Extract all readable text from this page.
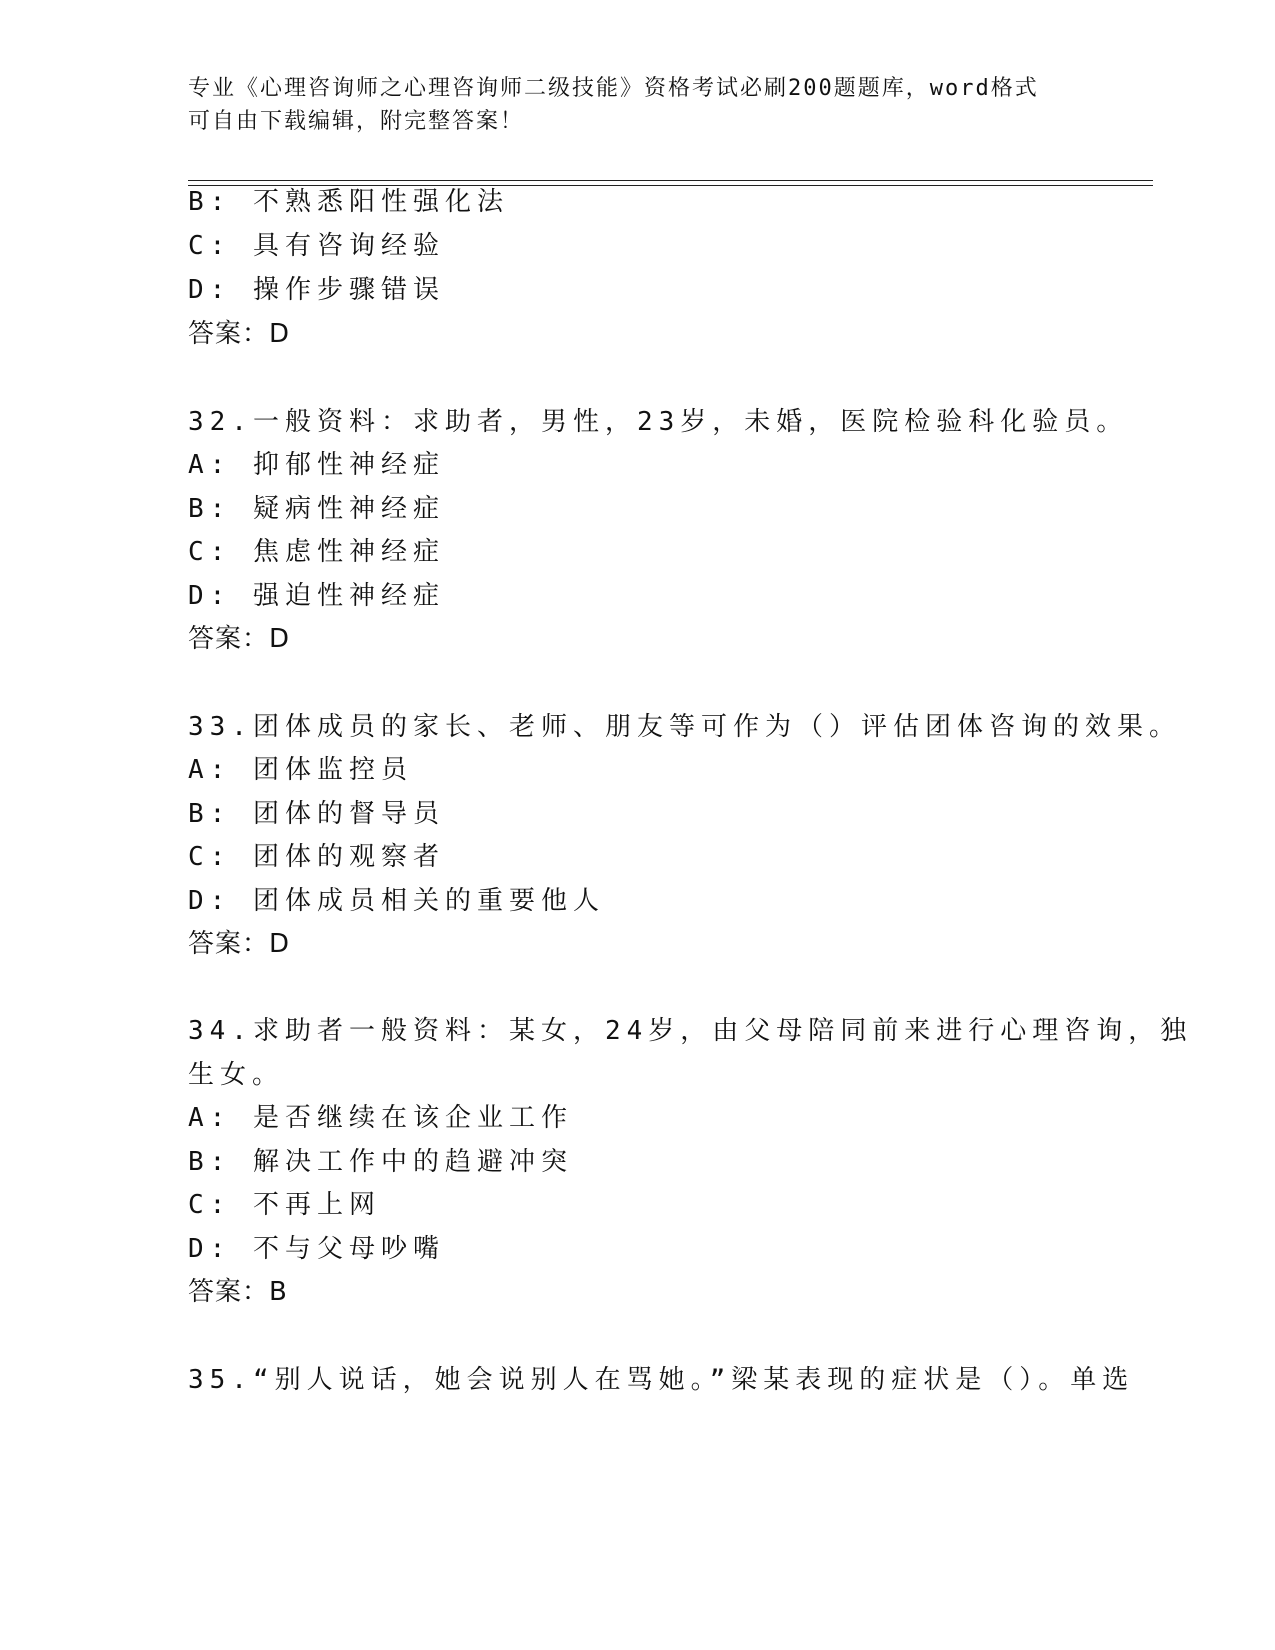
专业《心理咨询师之心理咨询师二级技能》资格考试必刷200题题库，word格式
可自由下载编辑，附完整答案！
B: 不熟悉阳性强化法
C: 具有咨询经验
D: 操作步骤错误
答案：D
32.一般资料：求助者，男性，23岁，未婚，医院检验科化验员。
A: 抑郁性神经症
B: 疑病性神经症
C: 焦虑性神经症
D: 强迫性神经症
答案：D
33.团体成员的家长、老师、朋友等可作为（）评估团体咨询的效果。
A: 团体监控员
B: 团体的督导员
C: 团体的观察者
D: 团体成员相关的重要他人
答案：D
34.求助者一般资料：某女，24岁，由父母陪同前来进行心理咨询，独
生女。
A: 是否继续在该企业工作
B: 解决工作中的趋避冲突
C: 不再上网
D: 不与父母吵嘴
答案：B
35.“别人说话，她会说别人在骂她。”梁某表现的症状是（）。单选
